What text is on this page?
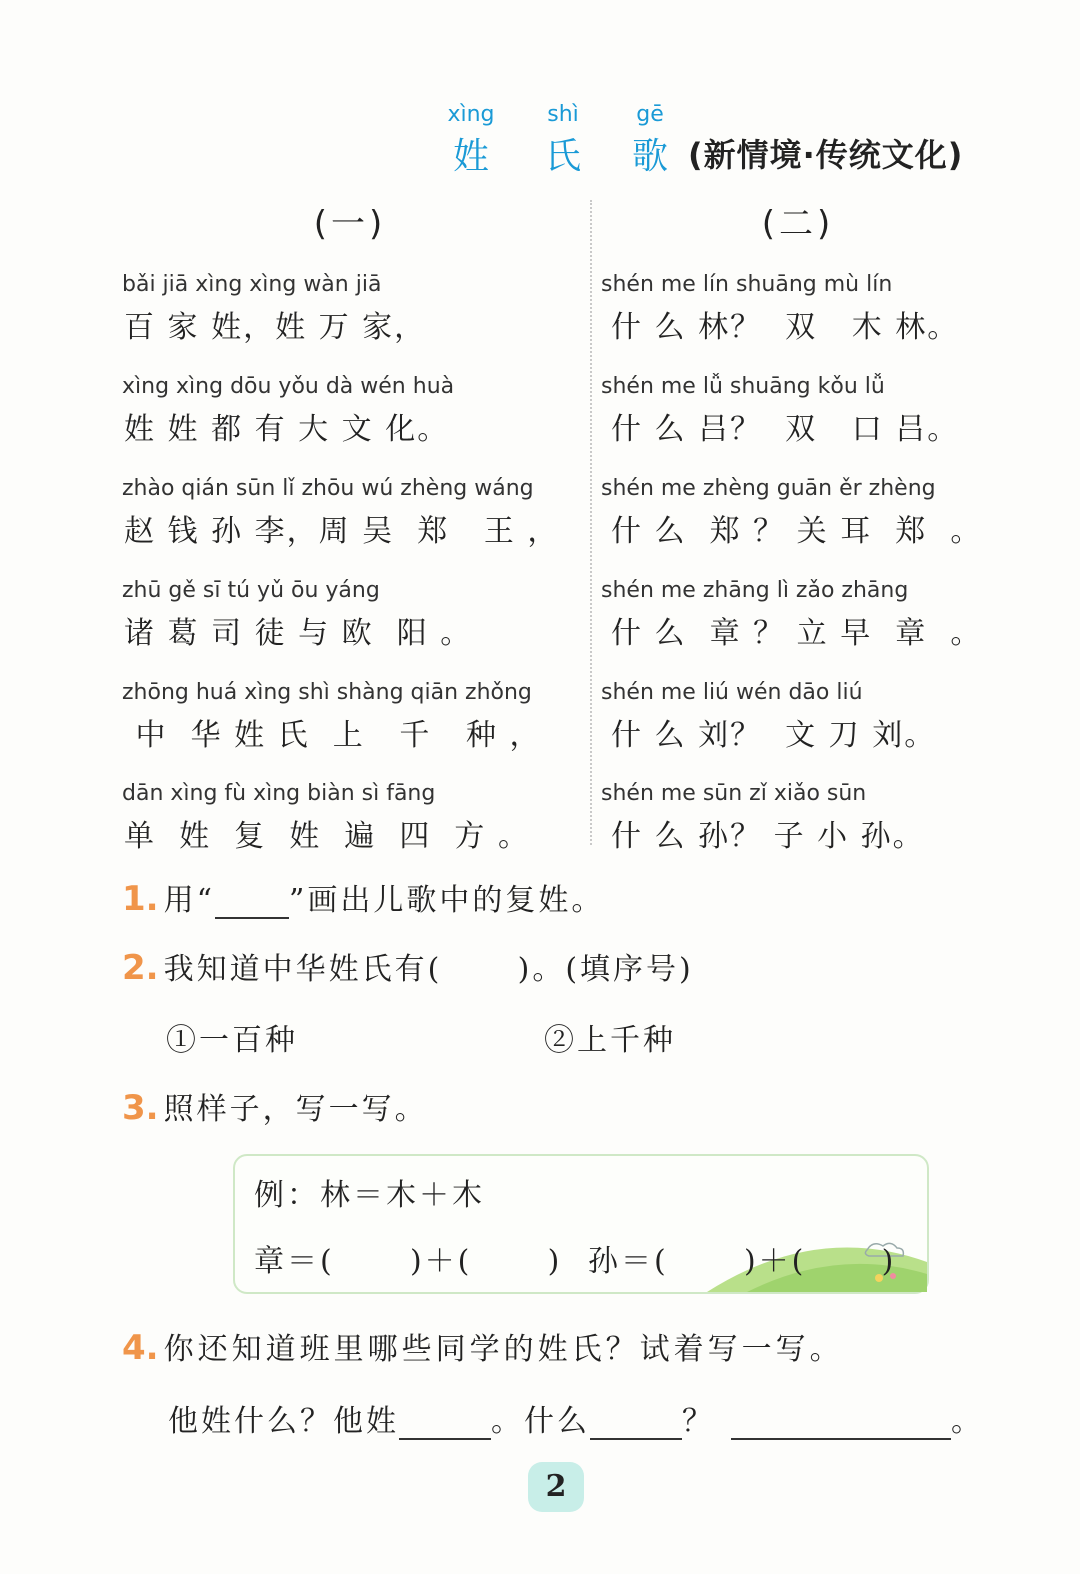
xìng	shì	gē
姓	氏	歌 (新情境·传统文化)
(一)	(二)
bǎi jiā xìng xìng wàn jiā
百 家 姓，姓 万 家，
xìng xìng dōu yǒu dà wén huà
姓 姓 都 有 大 文 化。
zhào qián sūn lǐ zhōu wú zhèng wáng
赵 钱 孙 李，周 吴  郑   王 ，
zhū gě sī tú yǔ ōu yáng
诸 葛 司 徒 与 欧  阳 。
zhōng huá xìng shì shàng qiān zhǒng
中  华 姓 氏  上   千   种 ，
dān xìng fù xìng biàn sì fāng
单  姓  复  姓  遍  四  方 。
shén me lín shuāng mù lín
什 么 林？  双   木 林。
shén me lǚ shuāng kǒu lǚ
什 么 吕？  双   口 吕。
shén me zhèng guān ěr zhèng
什 么  郑 ？ 关 耳  郑  。
shén me zhāng lì zǎo zhāng
什 么  章 ？ 立 早  章  。
shén me liú wén dāo liú
什 么 刘？  文 刀 刘。
shén me sūn zǐ xiǎo sūn
什 么 孙？ 子 小 孙。
1. 用“ ”画出儿歌中的复姓。
2. 我知道中华姓氏有(	)。(填序号)
①一百种	②上千种
3. 照样子，写一写。
例：林＝木＋木
章＝(	)＋(	) 孙＝(	)＋(	)
4. 你还知道班里哪些同学的姓氏？试着写一写。
他姓什么？他姓	。什么	？	。
2
